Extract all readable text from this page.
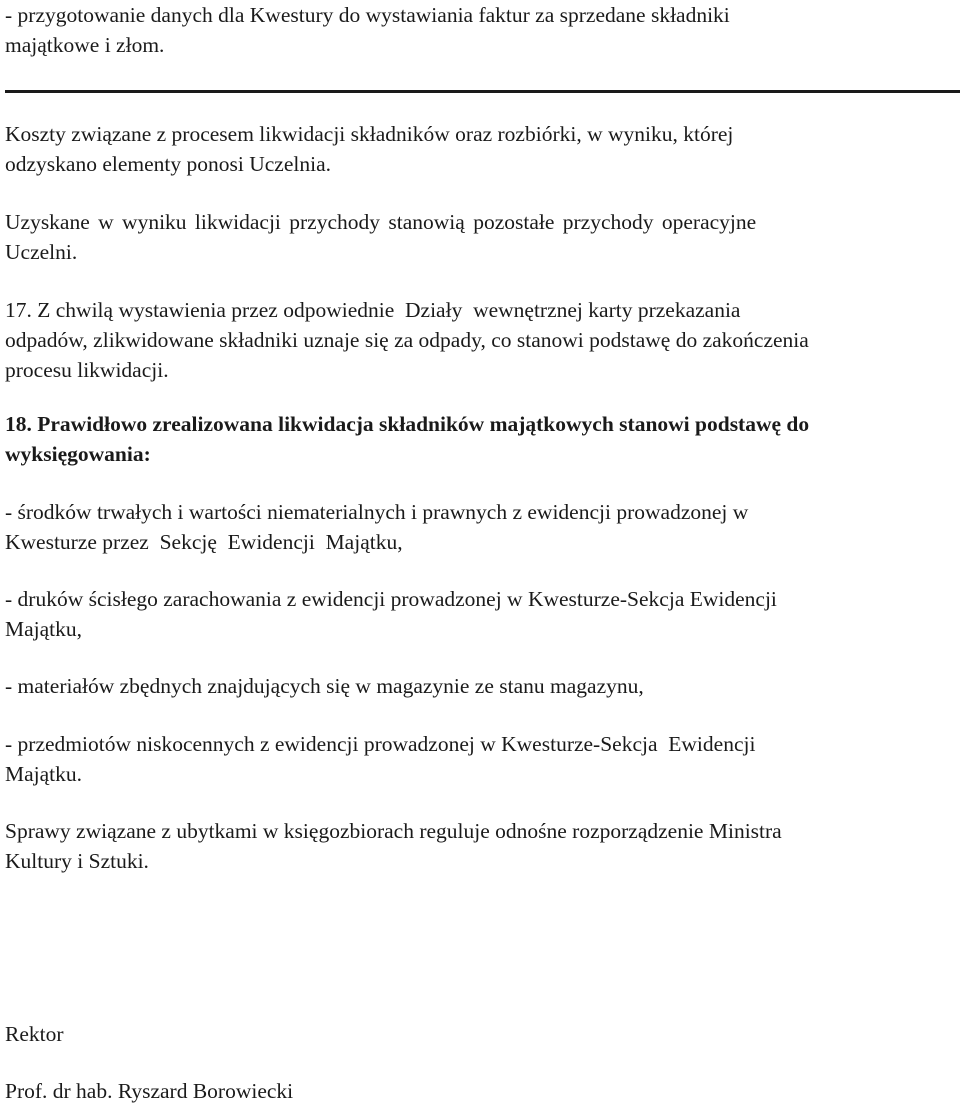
- przygotowanie danych dla Kwestury do wystawiania faktur za sprzedane składniki

majątkowe i złom.

Koszty związane z procesem likwidacji składników oraz rozbiórki, w wyniku, której

odzyskano elementy ponosi Uczelnia.

Uzyskane w wyniku likwidacji przychody stanowią pozostałe przychody operacyjne

Uczelni.

17. Z chwilą wystawienia przez odpowiednie  Działy  wewnętrznej karty przekazania

odpadów, zlikwidowane składniki uznaje się za odpady, co stanowi podstawę do zakończenia

procesu likwidacji.

18. Prawidłowo zrealizowana likwidacja składników majątkowych stanowi podstawę do

wyksięgowania:

- środków trwałych i wartości niematerialnych i prawnych z ewidencji prowadzonej w

Kwesturze przez  Sekcję  Ewidencji  Majątku,

- druków ścisłego zarachowania z ewidencji prowadzonej w Kwesturze-Sekcja Ewidencji

Majątku,

- materiałów zbędnych znajdujących się w magazynie ze stanu magazynu,

- przedmiotów niskocennych z ewidencji prowadzonej w Kwesturze-Sekcja  Ewidencji

Majątku.

Sprawy związane z ubytkami w księgozbiorach reguluje odnośne rozporządzenie Ministra

Kultury i Sztuki.

Rektor

Prof. dr hab. Ryszard Borowiecki
